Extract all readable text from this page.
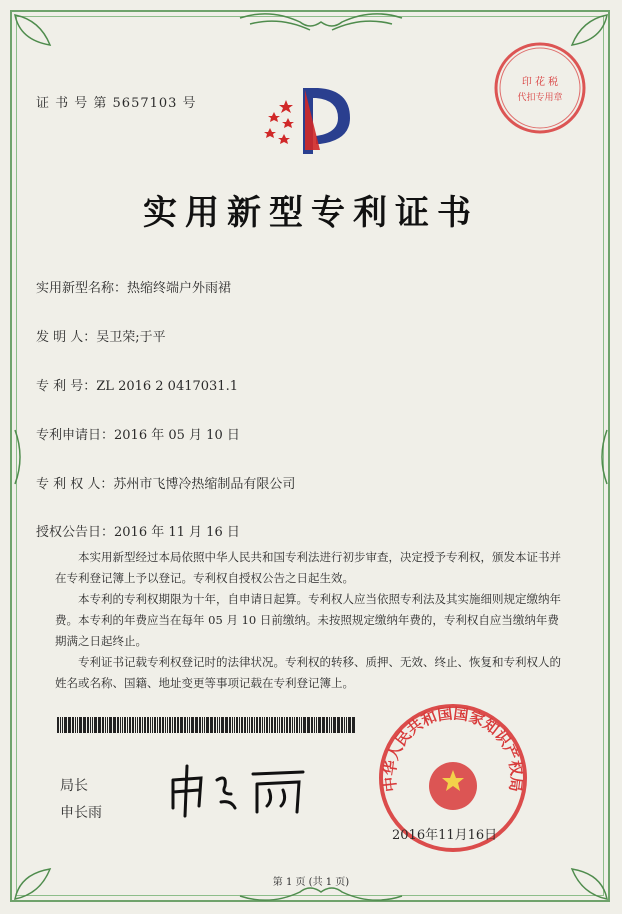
证 书 号 第 5657103 号
印 花 税
代扣专用章
实用新型专利证书
实用新型名称：热缩终端户外雨裙
发 明 人：吴卫荣;于平
专 利 号：ZL 2016 2 0417031.1
专利申请日：2016 年 05 月 10 日
专 利 权 人：苏州市飞博冷热缩制品有限公司
授权公告日：2016 年 11 月 16 日

本实用新型经过本局依照中华人民共和国专利法进行初步审查，决定授予专利权，颁发本证书并在专利登记簿上予以登记。专利权自授权公告之日起生效。

本专利的专利权期限为十年，自申请日起算。专利权人应当依照专利法及其实施细则规定缴纳年费。本专利的年费应当在每年 05 月 10 日前缴纳。未按照规定缴纳年费的，专利权自应当缴纳年费期满之日起终止。

专利证书记载专利权登记时的法律状况。专利权的转移、质押、无效、终止、恢复和专利权人的姓名或名称、国籍、地址变更等事项记载在专利登记簿上。

局长
申长雨
中华人民共和国国家知识产权局
2016年11月16日
第 1 页 (共 1 页)
